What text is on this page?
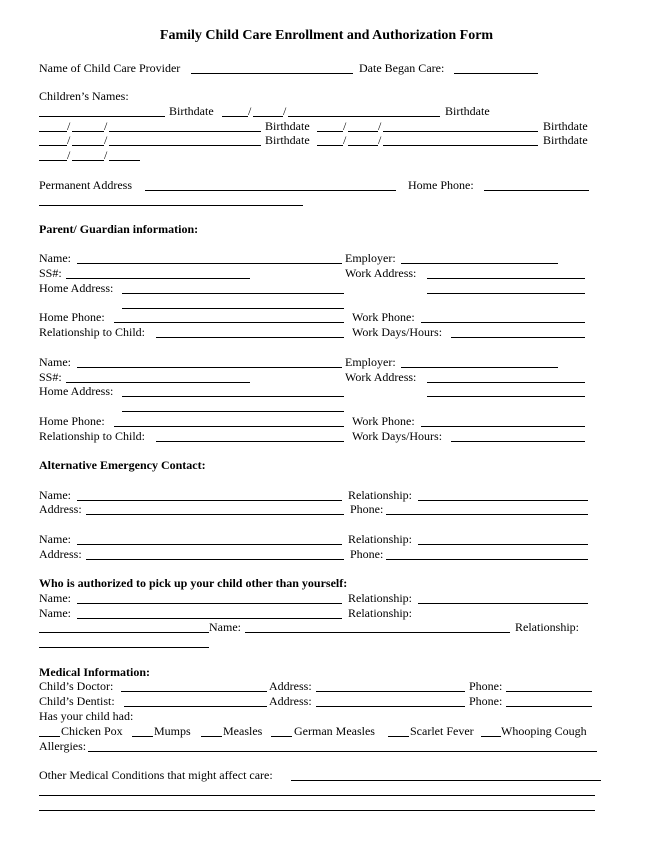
Family Child Care Enrollment and Authorization Form
Name of Child Care Provider	Date Began Care:
Children’s Names:
Birthdate	/	/	Birthdate
/	/	Birthdate	/	/	Birthdate
/	/	Birthdate	/	/	Birthdate
/	/
Permanent Address	Home Phone:
Parent/ Guardian information:
Name:	Employer:
SS#:	Work Address:
Home Address:
Home Phone:	Work Phone:
Relationship to Child:	Work Days/Hours:
Name:	Employer:
SS#:	Work Address:
Home Address:
Home Phone:	Work Phone:
Relationship to Child:	Work Days/Hours:
Alternative Emergency Contact:
Name:	Relationship:
Address:	Phone:
Name:	Relationship:
Address:	Phone:
Who is authorized to pick up your child other than yourself:
Name:	Relationship:
Name:	Relationship:
Name:	Relationship:
Medical Information:
Child’s Doctor:	Address:	Phone:
Child’s Dentist:	Address:	Phone:
Has your child had:
Chicken Pox	Mumps	Measles	German Measles	Scarlet Fever Whooping Cough
Allergies:
Other Medical Conditions that might affect care:
